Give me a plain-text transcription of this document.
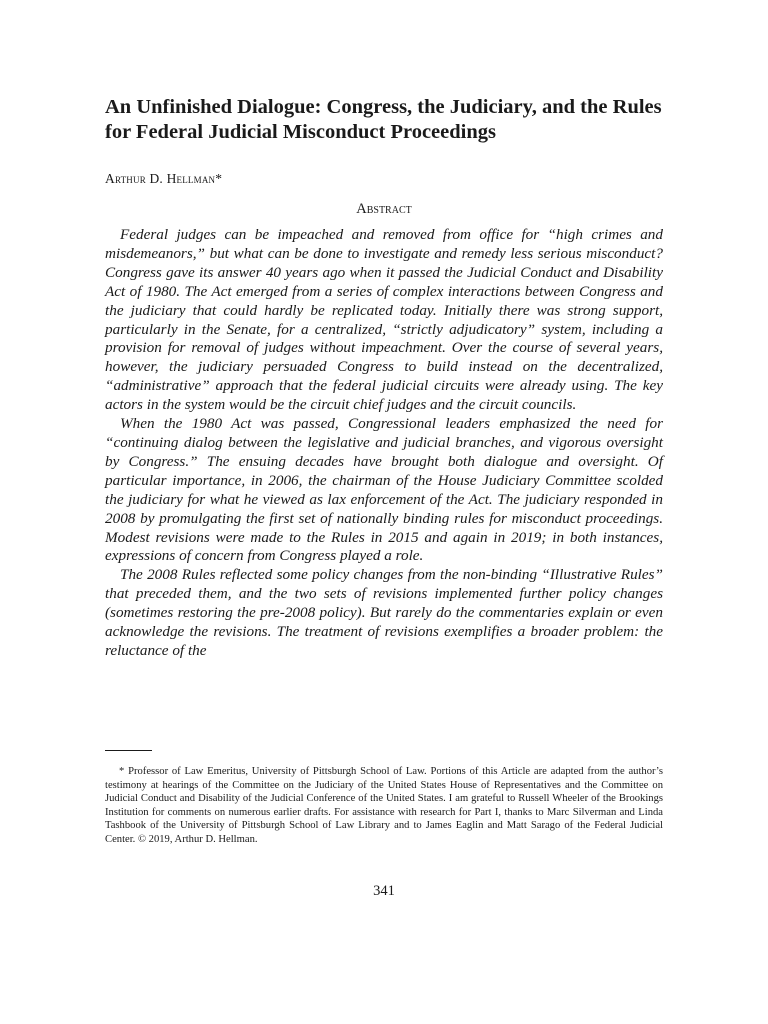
An Unfinished Dialogue: Congress, the Judiciary, and the Rules for Federal Judicial Misconduct Proceedings
Arthur D. Hellman*
Abstract

Federal judges can be impeached and removed from office for “high crimes and misdemeanors,” but what can be done to investigate and remedy less serious misconduct? Congress gave its answer 40 years ago when it passed the Judicial Conduct and Disability Act of 1980. The Act emerged from a series of complex interactions between Congress and the judiciary that could hardly be replicated today. Initially there was strong support, particularly in the Senate, for a centralized, “strictly adjudicatory” system, including a provision for removal of judges without impeachment. Over the course of several years, however, the judiciary persuaded Congress to build instead on the decentralized, “administrative” approach that the federal judicial circuits were already using. The key actors in the system would be the circuit chief judges and the circuit councils.

When the 1980 Act was passed, Congressional leaders emphasized the need for “continuing dialog between the legislative and judicial branches, and vigorous oversight by Congress.” The ensuing decades have brought both dialogue and oversight. Of particular importance, in 2006, the chairman of the House Judiciary Committee scolded the judiciary for what he viewed as lax enforcement of the Act. The judiciary responded in 2008 by promulgating the first set of nationally binding rules for misconduct proceedings. Modest revisions were made to the Rules in 2015 and again in 2019; in both instances, expressions of concern from Congress played a role.

The 2008 Rules reflected some policy changes from the non-binding “Illustrative Rules” that preceded them, and the two sets of revisions implemented further policy changes (sometimes restoring the pre-2008 policy). But rarely do the commentaries explain or even acknowledge the revisions. The treatment of revisions exemplifies a broader problem: the reluctance of the

* Professor of Law Emeritus, University of Pittsburgh School of Law. Portions of this Article are adapted from the author’s testimony at hearings of the Committee on the Judiciary of the United States House of Representatives and the Committee on Judicial Conduct and Disability of the Judicial Conference of the United States. I am grateful to Russell Wheeler of the Brookings Institution for comments on numerous earlier drafts. For assistance with research for Part I, thanks to Marc Silverman and Linda Tashbook of the University of Pittsburgh School of Law Library and to James Eaglin and Matt Sarago of the Federal Judicial Center. © 2019, Arthur D. Hellman.
341
